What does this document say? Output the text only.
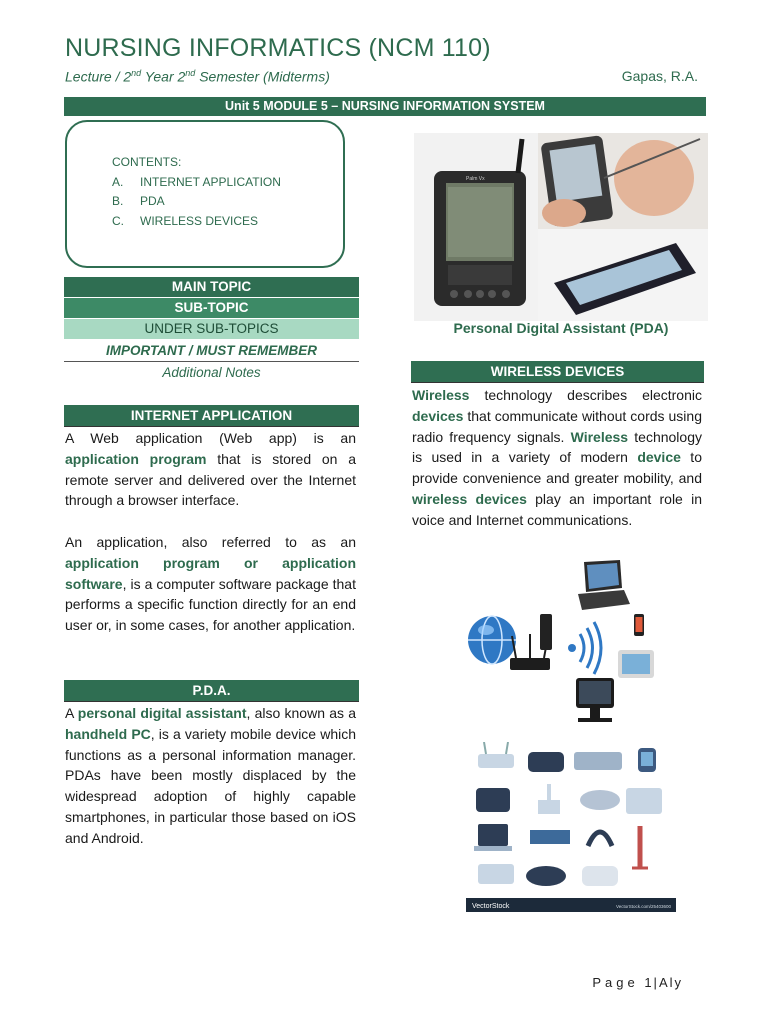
NURSING INFORMATICS (NCM 110)
Lecture / 2nd Year 2nd Semester (Midterms)	Gapas, R.A.
Unit 5 MODULE 5 – NURSING INFORMATION SYSTEM
CONTENTS:
A. INTERNET APPLICATION
B. PDA
C. WIRELESS DEVICES
MAIN TOPIC
SUB-TOPIC
UNDER SUB-TOPICS
IMPORTANT / MUST REMEMBER
Additional Notes
INTERNET APPLICATION
A Web application (Web app) is an application program that is stored on a remote server and delivered over the Internet through a browser interface.
An application, also referred to as an application program or application software, is a computer software package that performs a specific function directly for an end user or, in some cases, for another application.
P.D.A.
A personal digital assistant, also known as a handheld PC, is a variety mobile device which functions as a personal information manager. PDAs have been mostly displaced by the widespread adoption of highly capable smartphones, in particular those based on iOS and Android.
Palm Vx
Personal Digital Assistant (PDA)
WIRELESS DEVICES
Wireless technology describes electronic devices that communicate without cords using radio frequency signals. Wireless technology is used in a variety of modern device to provide convenience and greater mobility, and wireless devices play an important role in voice and Internet communications.
VectorStock	VectorStock.com/25403600
Page 1|Aly
